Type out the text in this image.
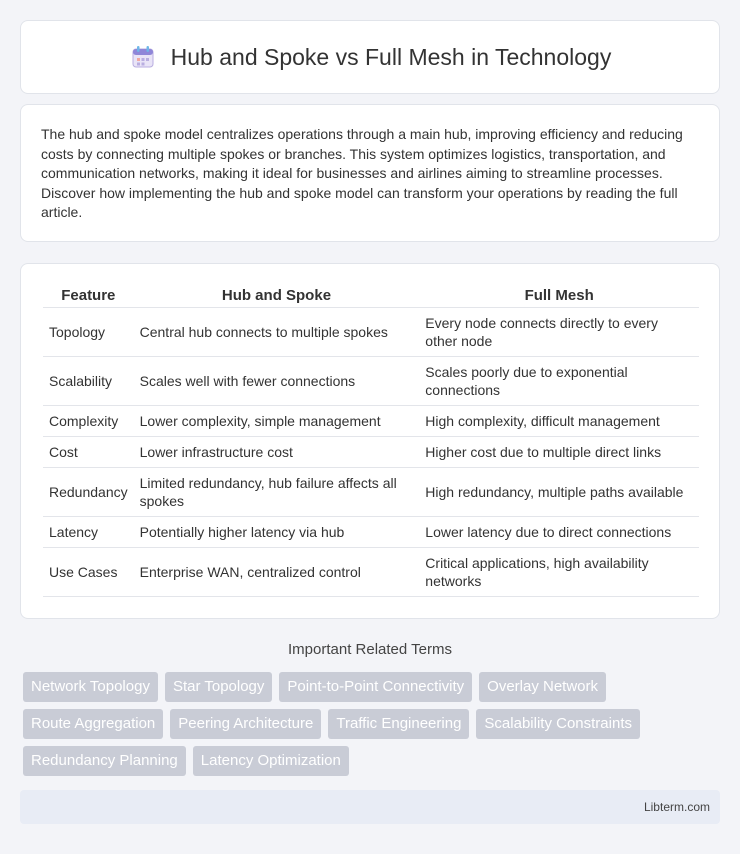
Hub and Spoke vs Full Mesh in Technology

The hub and spoke model centralizes operations through a main hub, improving efficiency and reducing costs by connecting multiple spokes or branches. This system optimizes logistics, transportation, and communication networks, making it ideal for businesses and airlines aiming to streamline processes. Discover how implementing the hub and spoke model can transform your operations by reading the full article.

Feature	Hub and Spoke	Full Mesh
Topology	Central hub connects to multiple spokes	Every node connects directly to every other node
Scalability	Scales well with fewer connections	Scales poorly due to exponential connections
Complexity	Lower complexity, simple management	High complexity, difficult management
Cost	Lower infrastructure cost	Higher cost due to multiple direct links
Redundancy	Limited redundancy, hub failure affects all spokes	High redundancy, multiple paths available
Latency	Potentially higher latency via hub	Lower latency due to direct connections
Use Cases	Enterprise WAN, centralized control	Critical applications, high availability networks
Important Related Terms
Network Topology	Star Topology	Point-to-Point Connectivity	Overlay Network
Route Aggregation	Peering Architecture	Traffic Engineering	Scalability Constraints
Redundancy Planning	Latency Optimization
Libterm.com
